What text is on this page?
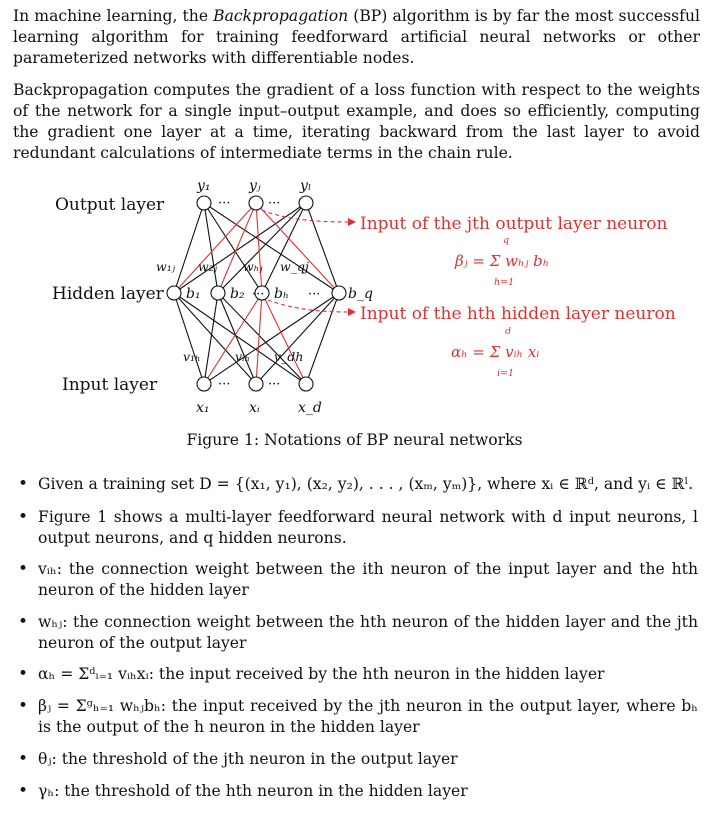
In machine learning, the Backpropagation (BP) algorithm is by far the most successful learning algorithm for training feedforward artificial neural networks or other parameterized networks with differentiable nodes.
Backpropagation computes the gradient of a loss function with respect to the weights of the network for a single input–output example, and does so efficiently, computing the gradient one layer at a time, iterating backward from the last layer to avoid redundant calculations of intermediate terms in the chain rule.
Output layer
Hidden layer
Input layer
y₁	yⱼ	yₗ
b₁ b₂ bₕ	b_q
x₁	xᵢ	x_d
···	···
···	···
···	···
w₁ⱼ w₂ⱼ wₕⱼ w_qj
v₁ₕ	vᵢₕ v_dh
Input of the jth output layer neuron
Input of the hth hidden layer neuron
βⱼ = Σ wₕⱼ bₕ
q
h=1
αₕ = Σ vᵢₕ xᵢ
d
i=1
Figure 1: Notations of BP neural networks
• Given a training set D = {(x₁, y₁), (x₂, y₂), . . . , (xₘ, yₘ)}, where xᵢ ∈ ℝᵈ, and yᵢ ∈ ℝˡ.
• Figure 1 shows a multi-layer feedforward neural network with d input neurons, l output neurons, and q hidden neurons.
• vᵢₕ: the connection weight between the ith neuron of the input layer and the hth neuron of the hidden layer
• wₕⱼ: the connection weight between the hth neuron of the hidden layer and the jth neuron of the output layer
• αₕ = Σᵈᵢ₌₁ vᵢₕxᵢ: the input received by the hth neuron in the hidden layer
• βⱼ = Σᵍₕ₌₁ wₕⱼbₕ: the input received by the jth neuron in the output layer, where bₕ is the output of the h neuron in the hidden layer
• θⱼ: the threshold of the jth neuron in the output layer
• γₕ: the threshold of the hth neuron in the hidden layer
